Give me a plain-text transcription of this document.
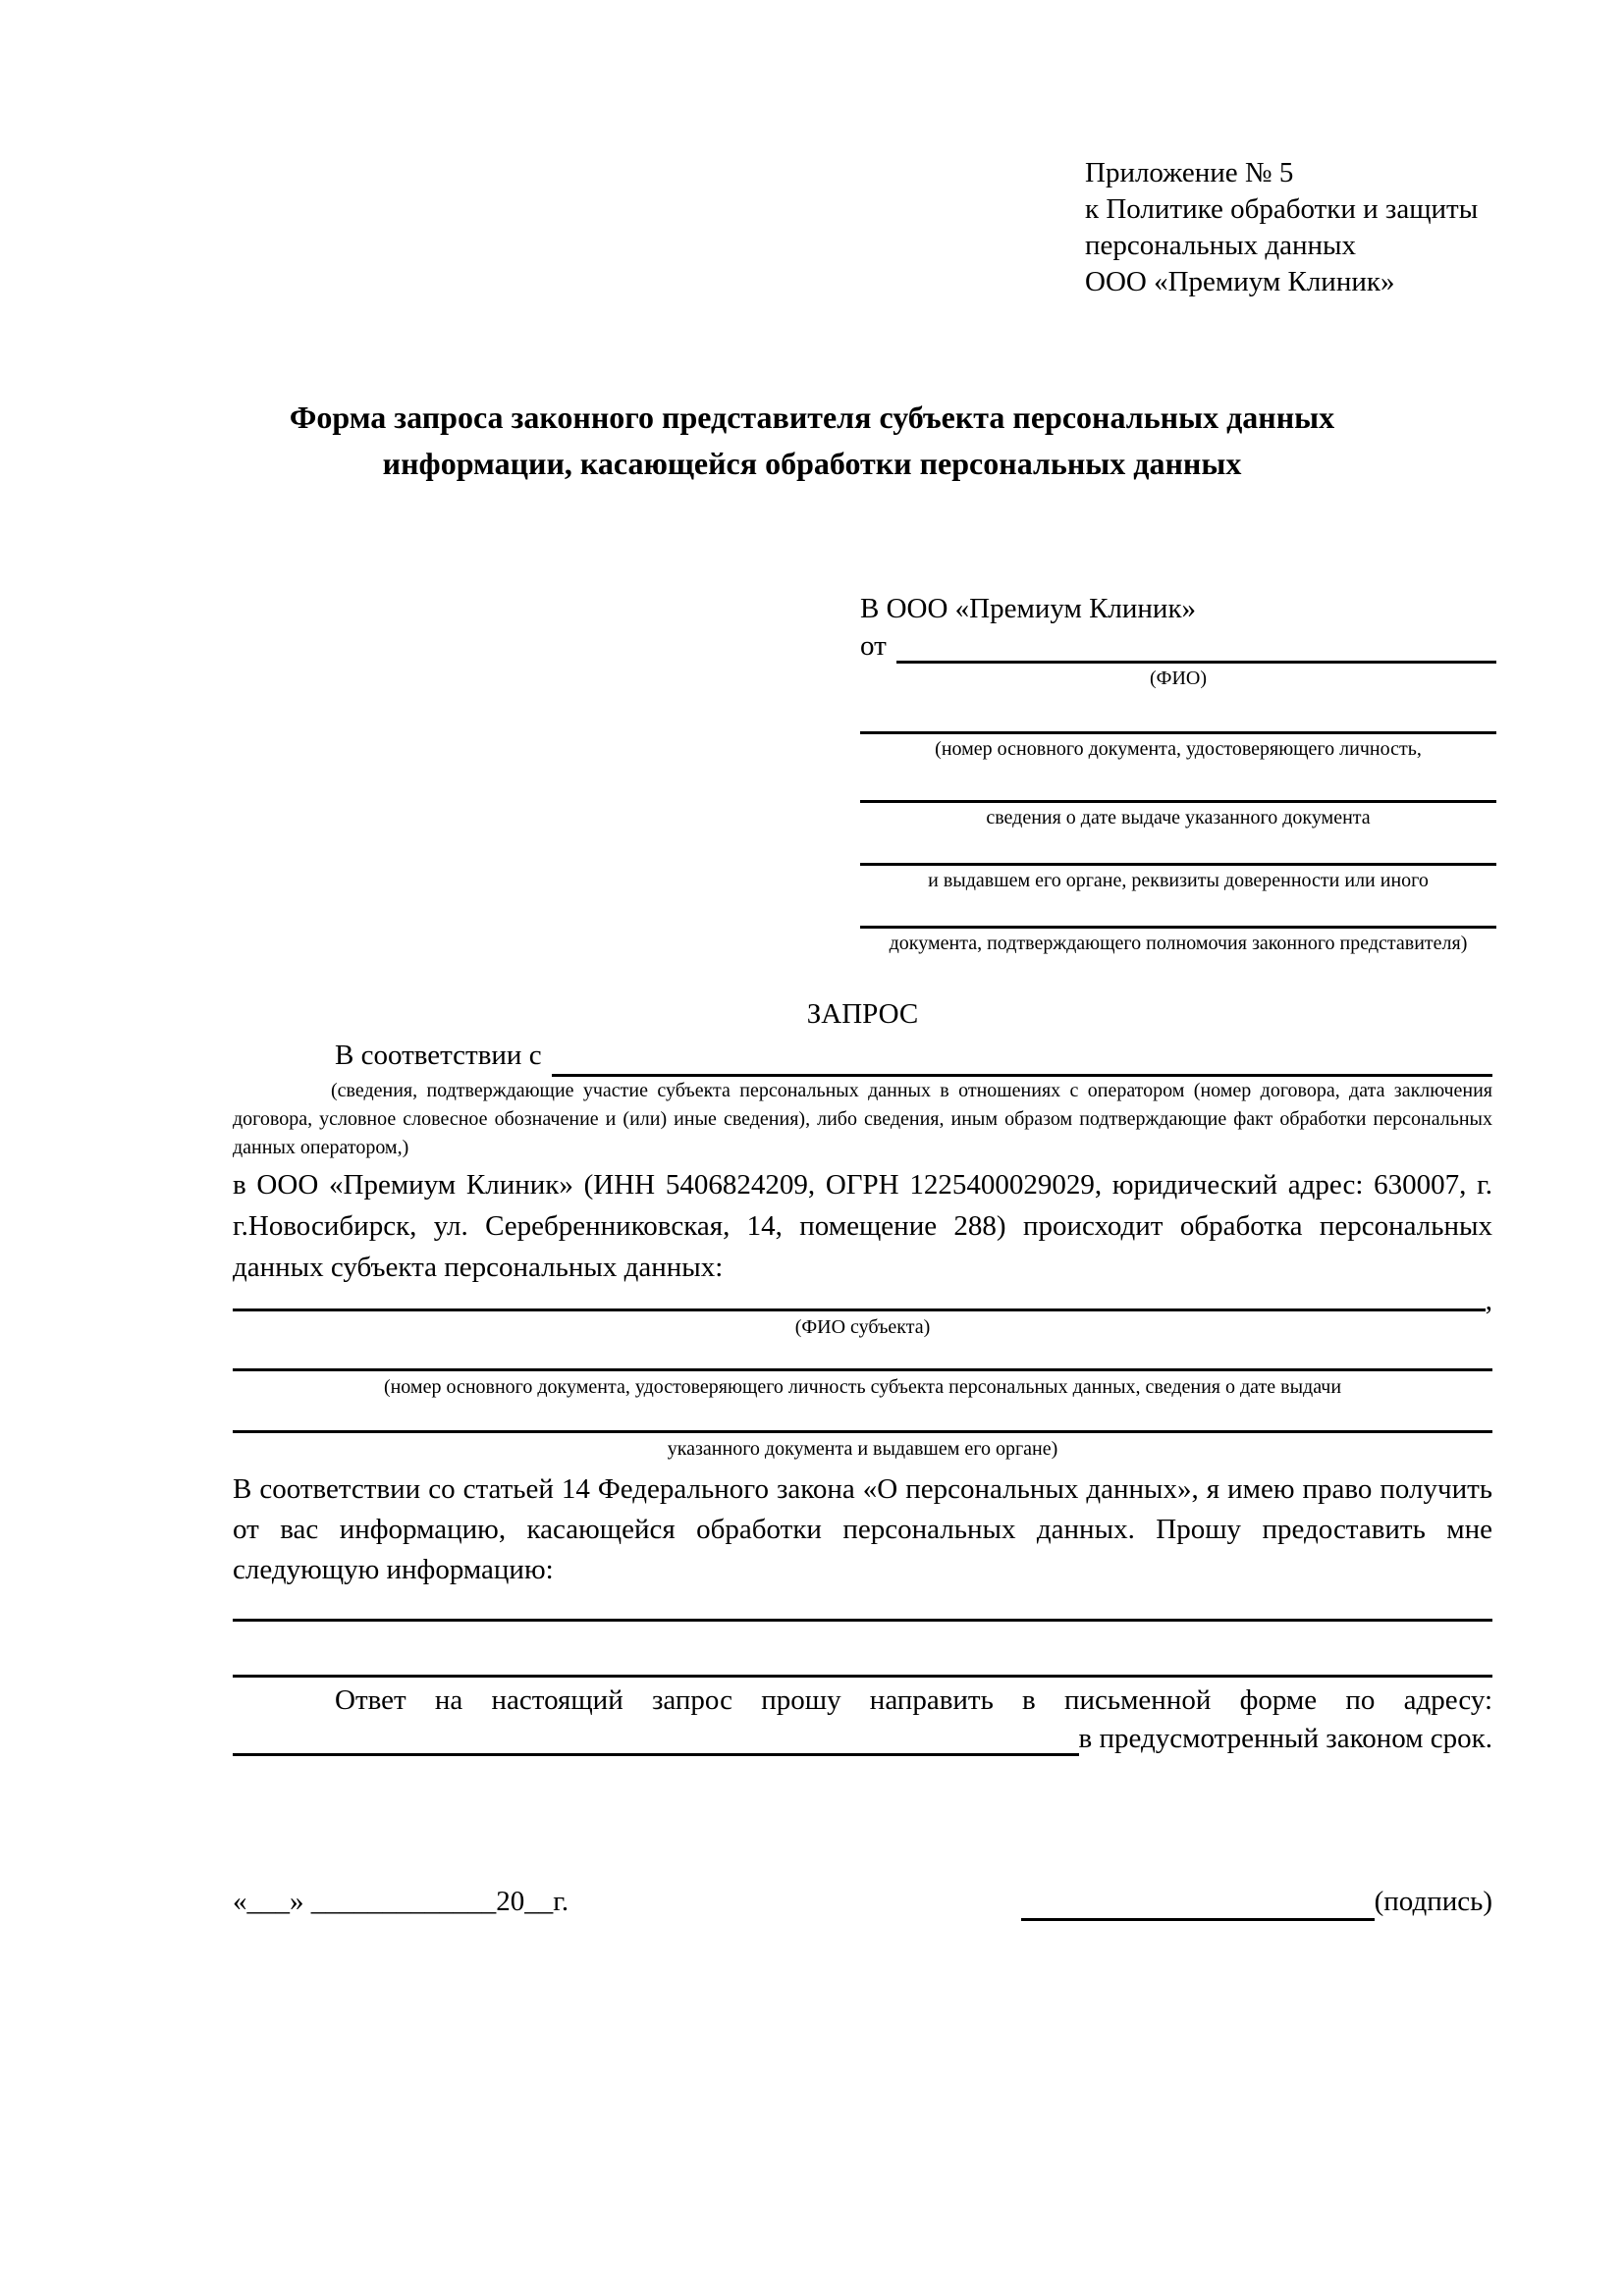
Приложение № 5
к Политике обработки и защиты
персональных данных
ООО «Премиум Клиник»
Форма запроса законного представителя субъекта персональных данных
информации, касающейся обработки персональных данных
В ООО «Премиум Клиник»
от
(ФИО)
(номер основного документа, удостоверяющего личность,
сведения о дате выдаче указанного документа
и выдавшем его органе, реквизиты доверенности или иного
документа, подтверждающего полномочия законного представителя)
ЗАПРОС
В соответствии с
(сведения, подтверждающие участие субъекта персональных данных в отношениях с оператором (номер договора, дата заключения договора, условное словесное обозначение и (или) иные сведения), либо сведения, иным образом подтверждающие факт обработки персональных данных оператором,)
в ООО «Премиум Клиник» (ИНН 5406824209, ОГРН 1225400029029, юридический адрес: 630007, г. г.Новосибирск, ул. Серебренниковская, 14, помещение 288) происходит обработка персональных данных субъекта персональных данных:
,
(ФИО субъекта)
(номер основного документа, удостоверяющего личность субъекта персональных данных, сведения о дате выдачи
указанного документа и выдавшем его органе)
В соответствии со статьей 14 Федерального закона «О персональных данных», я имею право получить от вас информацию, касающейся обработки персональных данных. Прошу предоставить мне следующую информацию:
Ответ на настоящий запрос прошу направить в письменной форме по адресу:
в предусмотренный законом срок.
«___» _____________20__г.	(подпись)
